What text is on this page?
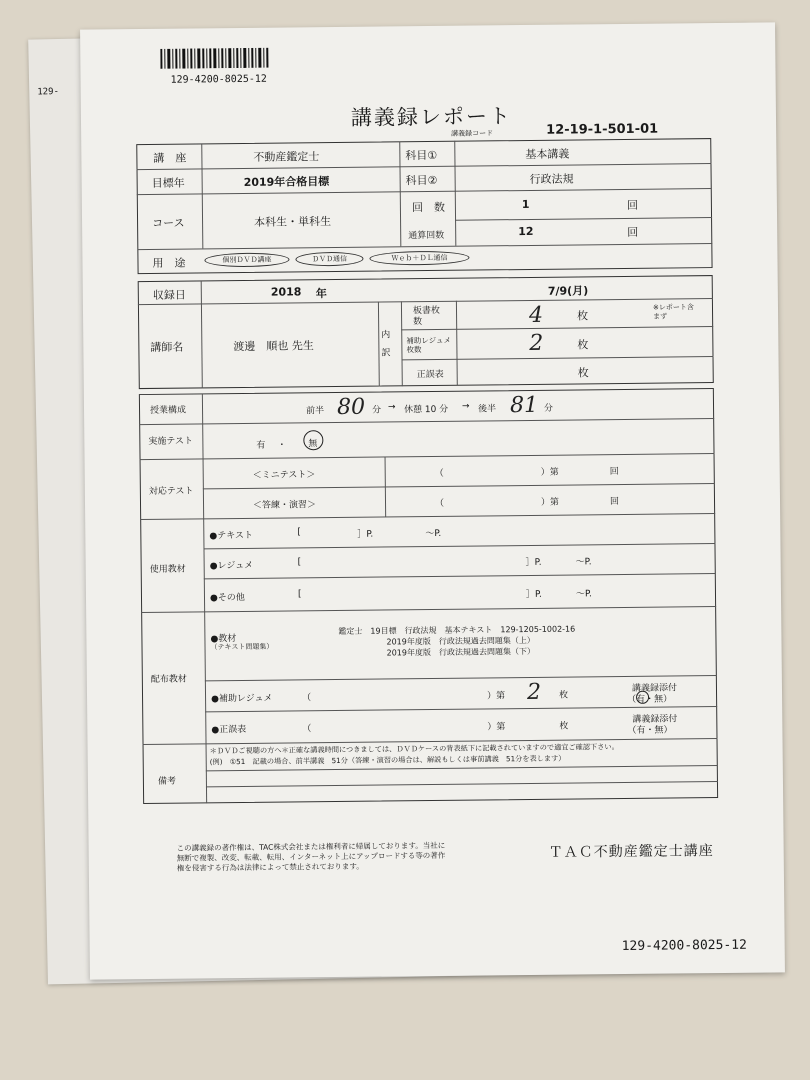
129-
129-4200-8025-12
講義録レポート
講義録コード	12-19-1-501-01
講　座	不動産鑑定士	科目①	基本講義
目標年	2019年合格目標	科目②	行政法規
コース	本科生・単科生
回　数	1	回
通算回数	12	回
用　途	個別ＤＶＤ講座	ＤＶＤ通信	Ｗｅｂ＋ＤＬ通信
収録日	2018 年	7/9(月)
講師名	渡邊　順也 先生
内訳
板書枚数	4	枚
※レポート含まず
補助レジュメ枚数	2	枚
正誤表	枚
授業構成	前半 80 分 → 休憩 10 分 → 後半 81 分
実施テスト	有 ・ 無
対応テスト
＜ミニテスト＞	（	）第	回
＜答練・演習＞	（	）第	回
使用教材
●テキスト	[	］P.	～P.
●レジュメ	[	］P.	～P.
●その他	[	］P.	～P.
配布教材
●教材
（テキスト問題集）
鑑定士　19目標　行政法規　基本テキスト　129-1205-1002-16
2019年度版　行政法規過去問題集（上）
2019年度版　行政法規過去問題集（下）
●補助レジュメ	（	）第 2 枚
講義録添付
（有・無）
●正誤表	（	）第	枚
講義録添付
（有・無）
備考
＊ＤＶＤご視聴の方へ＊正確な講義時間につきましては、ＤＶＤケースの背表紙下に記載されていますので適宜ご確認下さい。
(例)　①51　記載の場合、前半講義　51分（答練・演習の場合は、解説もしくは事前講義　51分を表します）
この講義録の著作権は、TAC株式会社または権利者に帰属しております。当社に無断で複製、改変、転載、転用、インターネット上にアップロードする等の著作権を侵害する行為は法律によって禁止されております。
ＴＡＣ不動産鑑定士講座
129-4200-8025-12
